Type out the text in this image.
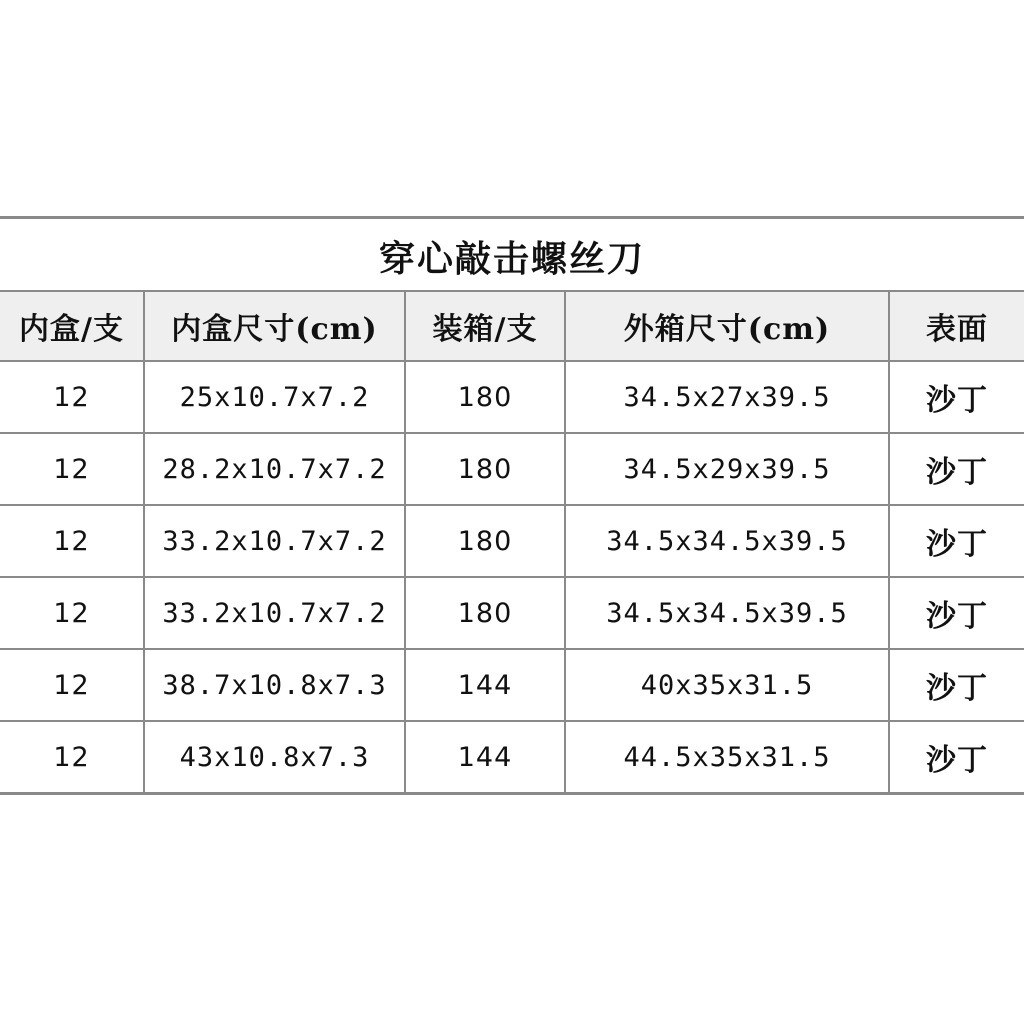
穿心敲击螺丝刀
内盒/支	内盒尺寸(cm)	装箱/支	外箱尺寸(cm)	表面
12	25x10.7x7.2	180	34.5x27x39.5	沙丁
12	28.2x10.7x7.2	180	34.5x29x39.5	沙丁
12	33.2x10.7x7.2	180	34.5x34.5x39.5	沙丁
12	33.2x10.7x7.2	180	34.5x34.5x39.5	沙丁
12	38.7x10.8x7.3	144	40x35x31.5	沙丁
12	43x10.8x7.3	144	44.5x35x31.5	沙丁
